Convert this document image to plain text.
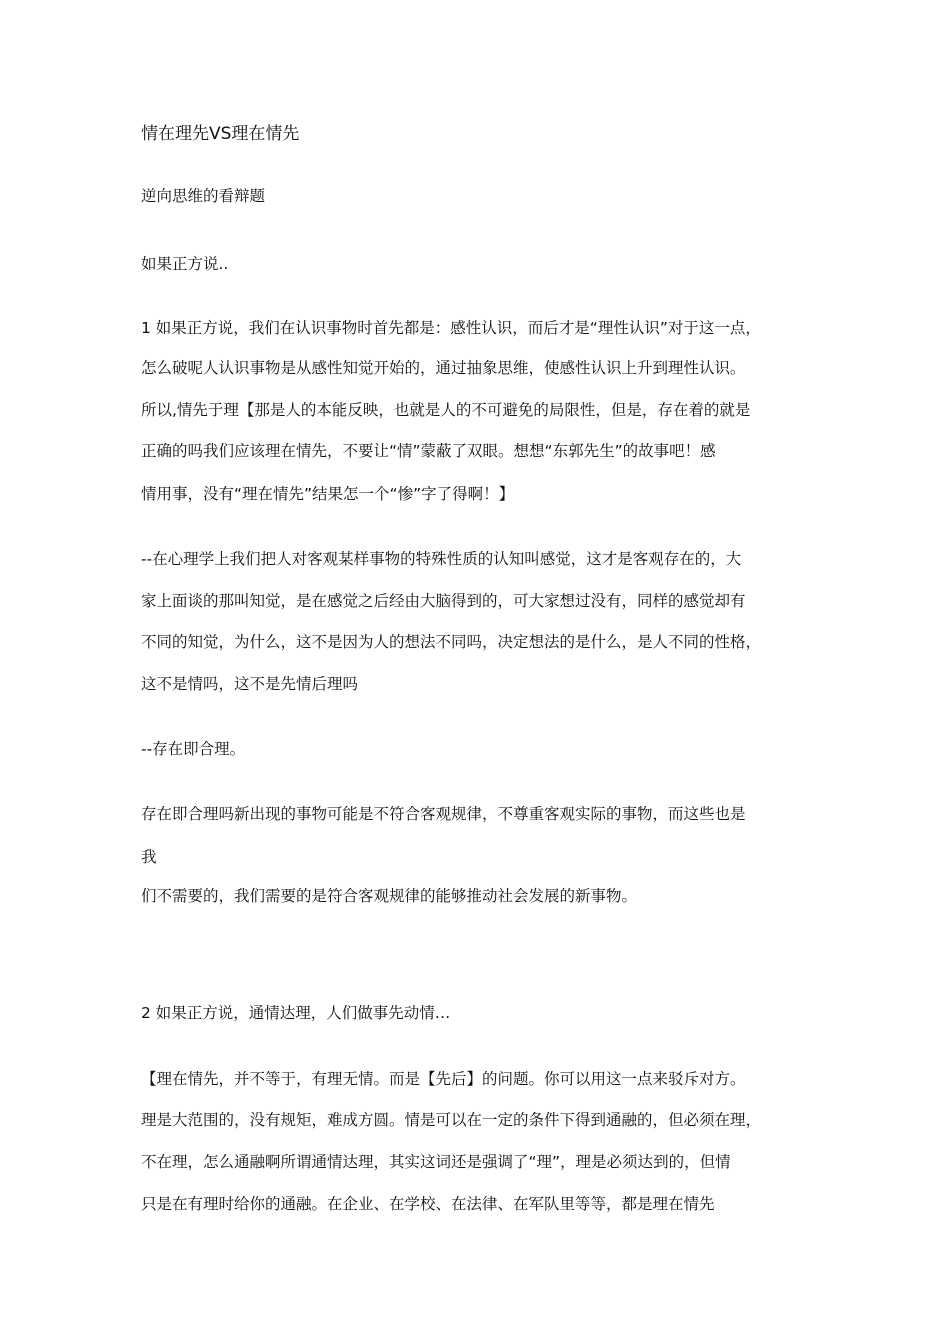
情在理先VS理在情先
逆向思维的看辩题
如果正方说..
1 如果正方说，我们在认识事物时首先都是：感性认识，而后才是“理性认识”对于这一点，
怎么破呢人认识事物是从感性知觉开始的，通过抽象思维，使感性认识上升到理性认识。
所以,情先于理【那是人的本能反映，也就是人的不可避免的局限性，但是，存在着的就是
正确的吗我们应该理在情先，不要让“情”蒙蔽了双眼。想想“东郭先生”的故事吧！感
情用事，没有“理在情先”结果怎一个“惨”字了得啊！】
--在心理学上我们把人对客观某样事物的特殊性质的认知叫感觉，这才是客观存在的，大
家上面谈的那叫知觉，是在感觉之后经由大脑得到的，可大家想过没有，同样的感觉却有
不同的知觉，为什么，这不是因为人的想法不同吗，决定想法的是什么，是人不同的性格，
这不是情吗，这不是先情后理吗
--存在即合理。
存在即合理吗新出现的事物可能是不符合客观规律，不尊重客观实际的事物，而这些也是
我
们不需要的，我们需要的是符合客观规律的能够推动社会发展的新事物。
2 如果正方说，通情达理，人们做事先动情…
【理在情先，并不等于，有理无情。而是【先后】的问题。你可以用这一点来驳斥对方。
理是大范围的，没有规矩，难成方圆。情是可以在一定的条件下得到通融的，但必须在理，
不在理，怎么通融啊所谓通情达理，其实这词还是强调了“理”，理是必须达到的，但情
只是在有理时给你的通融。在企业、在学校、在法律、在军队里等等，都是理在情先
